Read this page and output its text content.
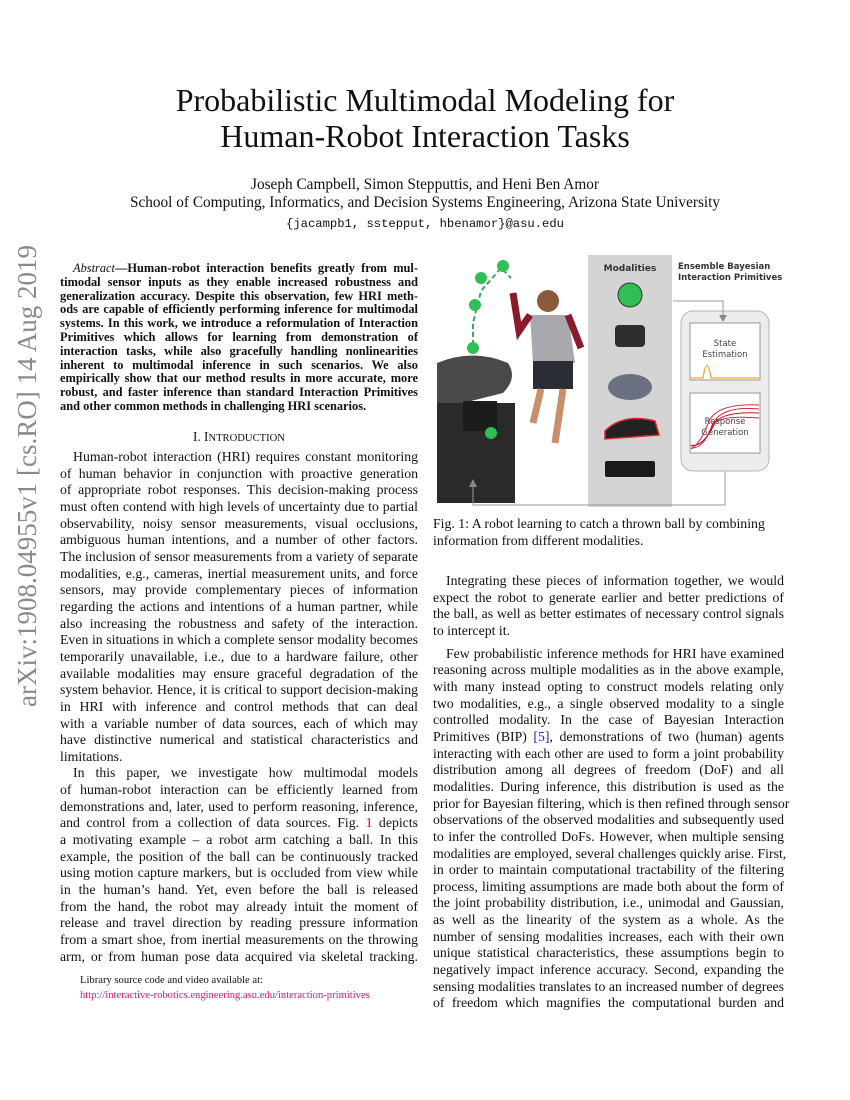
arXiv:1908.04955v1 [cs.RO] 14 Aug 2019
Probabilistic Multimodal Modeling for
Human-Robot Interaction Tasks
Joseph Campbell, Simon Stepputtis, and Heni Ben Amor
School of Computing, Informatics, and Decision Systems Engineering, Arizona State University
{jacampb1, sstepput, hbenamor}@asu.edu
Abstract—Human-robot interaction benefits greatly from mul-
timodal sensor inputs as they enable increased robustness and
generalization accuracy. Despite this observation, few HRI meth-
ods are capable of efficiently performing inference for multimodal
systems. In this work, we introduce a reformulation of Interaction
Primitives which allows for learning from demonstration of
interaction tasks, while also gracefully handling nonlinearities
inherent to multimodal inference in such scenarios. We also
empirically show that our method results in more accurate, more
robust, and faster inference than standard Interaction Primitives
and other common methods in challenging HRI scenarios.
I. INTRODUCTION
Human-robot interaction (HRI) requires constant monitoring
of human behavior in conjunction with proactive generation
of appropriate robot responses. This decision-making process
must often contend with high levels of uncertainty due to partial
observability, noisy sensor measurements, visual occlusions,
ambiguous human intentions, and a number of other factors.
The inclusion of sensor measurements from a variety of separate
modalities, e.g., cameras, inertial measurement units, and force
sensors, may provide complementary pieces of information
regarding the actions and intentions of a human partner, while
also increasing the robustness and safety of the interaction.
Even in situations in which a complete sensor modality becomes
temporarily unavailable, i.e., due to a hardware failure, other
available modalities may ensure graceful degradation of the
system behavior. Hence, it is critical to support decision-making
in HRI with inference and control methods that can deal
with a variable number of data sources, each of which may
have distinctive numerical and statistical characteristics and
limitations.
In this paper, we investigate how multimodal models
of human-robot interaction can be efficiently learned from
demonstrations and, later, used to perform reasoning, inference,
and control from a collection of data sources. Fig. 1 depicts
a motivating example – a robot arm catching a ball. In this
example, the position of the ball can be continuously tracked
using motion capture markers, but is occluded from view while
in the human’s hand. Yet, even before the ball is released
from the hand, the robot may already intuit the moment of
release and travel direction by reading pressure information
from a smart shoe, from inertial measurements on the throwing
arm, or from human pose data acquired via skeletal tracking.
Library source code and video available at:
http://interactive-robotics.engineering.asu.edu/interaction-primitives
Modalities	Ensemble Bayesian
Interaction Primitives
State
Estimation
Response
Generation
Fig. 1: A robot learning to catch a thrown ball by combining
information from different modalities.
Integrating these pieces of information together, we would
expect the robot to generate earlier and better predictions of
the ball, as well as better estimates of necessary control signals
to intercept it.
Few probabilistic inference methods for HRI have examined
reasoning across multiple modalities as in the above example,
with many instead opting to construct models relating only
two modalities, e.g., a single observed modality to a single
controlled modality. In the case of Bayesian Interaction
Primitives (BIP) [5], demonstrations of two (human) agents
interacting with each other are used to form a joint probability
distribution among all degrees of freedom (DoF) and all
modalities. During inference, this distribution is used as the
prior for Bayesian filtering, which is then refined through sensor
observations of the observed modalities and subsequently used
to infer the controlled DoFs. However, when multiple sensing
modalities are employed, several challenges quickly arise. First,
in order to maintain computational tractability of the filtering
process, limiting assumptions are made both about the form of
the joint probability distribution, i.e., unimodal and Gaussian,
as well as the linearity of the system as a whole. As the
number of sensing modalities increases, each with their own
unique statistical characteristics, these assumptions begin to
negatively impact inference accuracy. Second, expanding the
sensing modalities translates to an increased number of degrees
of freedom which magnifies the computational burden and
